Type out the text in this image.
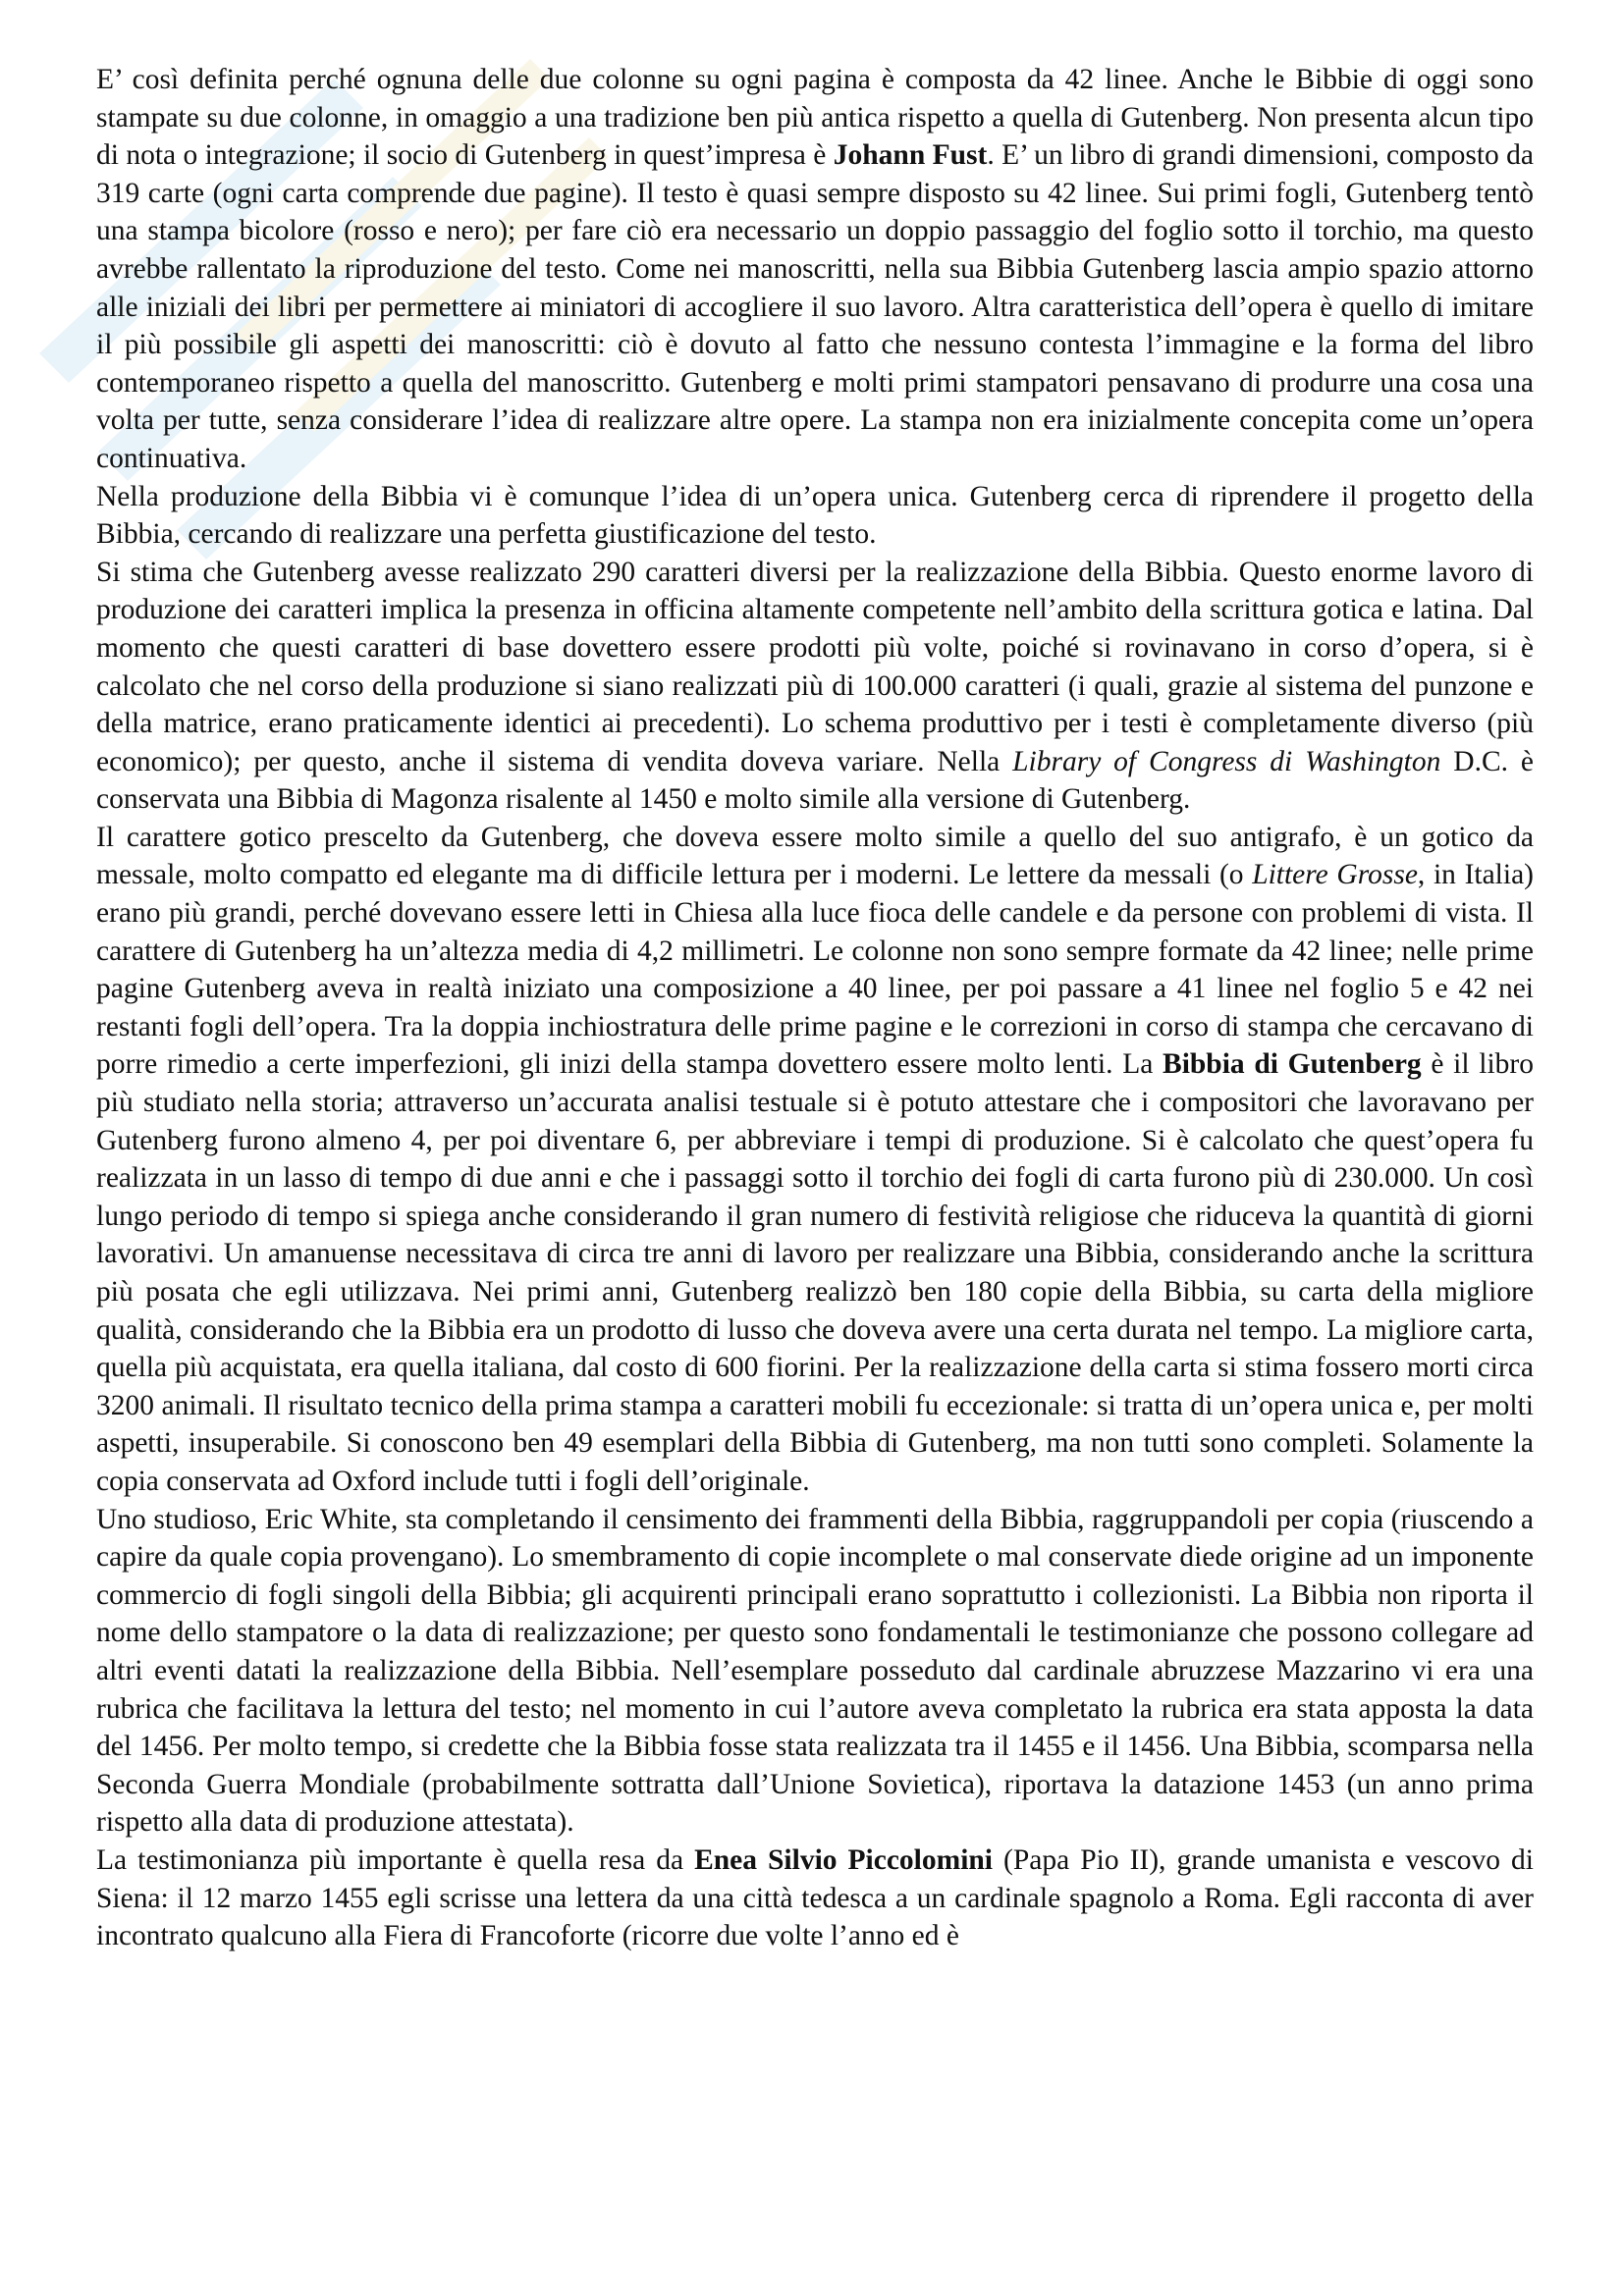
E’ così definita perché ognuna delle due colonne su ogni pagina è composta da 42 linee. Anche le Bibbie di oggi sono stampate su due colonne, in omaggio a una tradizione ben più antica rispetto a quella di Gutenberg. Non presenta alcun tipo di nota o integrazione; il socio di Gutenberg in quest’impresa è Johann Fust. E’ un libro di grandi dimensioni, composto da 319 carte (ogni carta comprende due pagine). Il testo è quasi sempre disposto su 42 linee. Sui primi fogli, Gutenberg tentò una stampa bicolore (rosso e nero); per fare ciò era necessario un doppio passaggio del foglio sotto il torchio, ma questo avrebbe rallentato la riproduzione del testo. Come nei manoscritti, nella sua Bibbia Gutenberg lascia ampio spazio attorno alle iniziali dei libri per permettere ai miniatori di accogliere il suo lavoro. Altra caratteristica dell’opera è quello di imitare il più possibile gli aspetti dei manoscritti: ciò è dovuto al fatto che nessuno contesta l’immagine e la forma del libro contemporaneo rispetto a quella del manoscritto. Gutenberg e molti primi stampatori pensavano di produrre una cosa una volta per tutte, senza considerare l’idea di realizzare altre opere. La stampa non era inizialmente concepita come un’opera continuativa.

Nella produzione della Bibbia vi è comunque l’idea di un’opera unica. Gutenberg cerca di riprendere il progetto della Bibbia, cercando di realizzare una perfetta giustificazione del testo.

Si stima che Gutenberg avesse realizzato 290 caratteri diversi per la realizzazione della Bibbia. Questo enorme lavoro di produzione dei caratteri implica la presenza in officina altamente competente nell’ambito della scrittura gotica e latina. Dal momento che questi caratteri di base dovettero essere prodotti più volte, poiché si rovinavano in corso d’opera, si è calcolato che nel corso della produzione si siano realizzati più di 100.000 caratteri (i quali, grazie al sistema del punzone e della matrice, erano praticamente identici ai precedenti). Lo schema produttivo per i testi è completamente diverso (più economico); per questo, anche il sistema di vendita doveva variare. Nella Library of Congress di Washington D.C. è conservata una Bibbia di Magonza risalente al 1450 e molto simile alla versione di Gutenberg.

Il carattere gotico prescelto da Gutenberg, che doveva essere molto simile a quello del suo antigrafo, è un gotico da messale, molto compatto ed elegante ma di difficile lettura per i moderni. Le lettere da messali (o Littere Grosse, in Italia) erano più grandi, perché dovevano essere letti in Chiesa alla luce fioca delle candele e da persone con problemi di vista. Il carattere di Gutenberg ha un’altezza media di 4,2 millimetri. Le colonne non sono sempre formate da 42 linee; nelle prime pagine Gutenberg aveva in realtà iniziato una composizione a 40 linee, per poi passare a 41 linee nel foglio 5 e 42 nei restanti fogli dell’opera. Tra la doppia inchiostratura delle prime pagine e le correzioni in corso di stampa che cercavano di porre rimedio a certe imperfezioni, gli inizi della stampa dovettero essere molto lenti. La Bibbia di Gutenberg è il libro più studiato nella storia; attraverso un’accurata analisi testuale si è potuto attestare che i compositori che lavoravano per Gutenberg furono almeno 4, per poi diventare 6, per abbreviare i tempi di produzione. Si è calcolato che quest’opera fu realizzata in un lasso di tempo di due anni e che i passaggi sotto il torchio dei fogli di carta furono più di 230.000. Un così lungo periodo di tempo si spiega anche considerando il gran numero di festività religiose che riduceva la quantità di giorni lavorativi. Un amanuense necessitava di circa tre anni di lavoro per realizzare una Bibbia, considerando anche la scrittura più posata che egli utilizzava. Nei primi anni, Gutenberg realizzò ben 180 copie della Bibbia, su carta della migliore qualità, considerando che la Bibbia era un prodotto di lusso che doveva avere una certa durata nel tempo. La migliore carta, quella più acquistata, era quella italiana, dal costo di 600 fiorini. Per la realizzazione della carta si stima fossero morti circa 3200 animali. Il risultato tecnico della prima stampa a caratteri mobili fu eccezionale: si tratta di un’opera unica e, per molti aspetti, insuperabile. Si conoscono ben 49 esemplari della Bibbia di Gutenberg, ma non tutti sono completi. Solamente la copia conservata ad Oxford include tutti i fogli dell’originale.

Uno studioso, Eric White, sta completando il censimento dei frammenti della Bibbia, raggruppandoli per copia (riuscendo a capire da quale copia provengano). Lo smembramento di copie incomplete o mal conservate diede origine ad un imponente commercio di fogli singoli della Bibbia; gli acquirenti principali erano soprattutto i collezionisti. La Bibbia non riporta il nome dello stampatore o la data di realizzazione; per questo sono fondamentali le testimonianze che possono collegare ad altri eventi datati la realizzazione della Bibbia. Nell’esemplare posseduto dal cardinale abruzzese Mazzarino vi era una rubrica che facilitava la lettura del testo; nel momento in cui l’autore aveva completato la rubrica era stata apposta la data del 1456. Per molto tempo, si credette che la Bibbia fosse stata realizzata tra il 1455 e il 1456. Una Bibbia, scomparsa nella Seconda Guerra Mondiale (probabilmente sottratta dall’Unione Sovietica), riportava la datazione 1453 (un anno prima rispetto alla data di produzione attestata).

La testimonianza più importante è quella resa da Enea Silvio Piccolomini (Papa Pio II), grande umanista e vescovo di Siena: il 12 marzo 1455 egli scrisse una lettera da una città tedesca a un cardinale spagnolo a Roma. Egli racconta di aver incontrato qualcuno alla Fiera di Francoforte (ricorre due volte l’anno ed è
